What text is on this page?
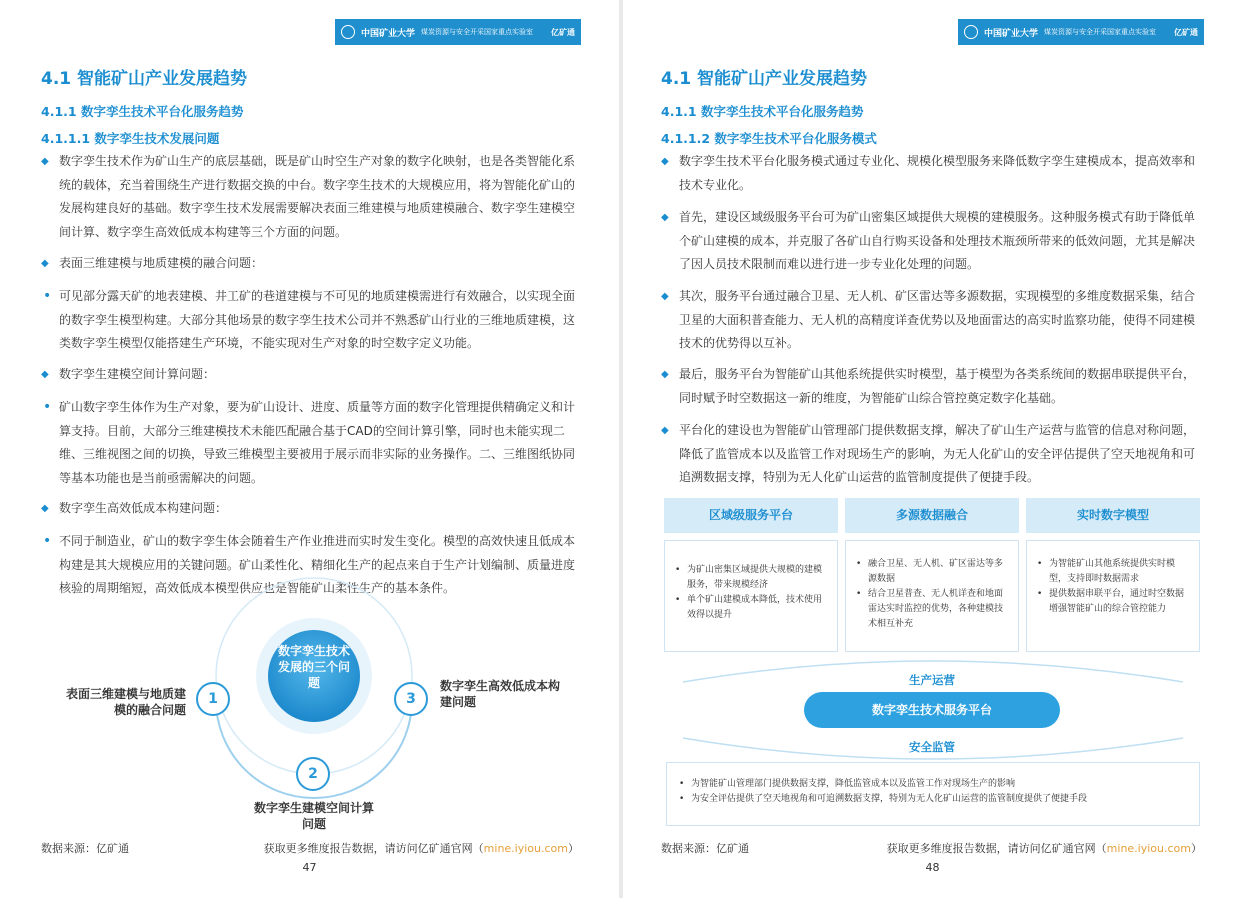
中国矿业大学 煤炭资源与安全开采国家重点实验室 亿矿通
4.1 智能矿山产业发展趋势
4.1.1 数字孪生技术平台化服务趋势
4.1.1.1 数字孪生技术发展问题
◆ 数字孪生技术作为矿山生产的底层基础，既是矿山时空生产对象的数字化映射，也是各类智能化系统的载体，充当着围绕生产进行数据交换的中台。数字孪生技术的大规模应用，将为智能化矿山的发展构建良好的基础。数字孪生技术发展需要解决表面三维建模与地质建模融合、数字孪生建模空间计算、数字孪生高效低成本构建等三个方面的问题。
◆ 表面三维建模与地质建模的融合问题：
• 可见部分露天矿的地表建模、井工矿的巷道建模与不可见的地质建模需进行有效融合，以实现全面的数字孪生模型构建。大部分其他场景的数字孪生技术公司并不熟悉矿山行业的三维地质建模，这类数字孪生模型仅能搭建生产环境，不能实现对生产对象的时空数字定义功能。
◆ 数字孪生建模空间计算问题：
• 矿山数字孪生体作为生产对象，要为矿山设计、进度、质量等方面的数字化管理提供精确定义和计算支持。目前，大部分三维建模技术未能匹配融合基于CAD的空间计算引擎，同时也未能实现二维、三维视图之间的切换，导致三维模型主要被用于展示而非实际的业务操作。二、三维图纸协同等基本功能也是当前亟需解决的问题。
◆ 数字孪生高效低成本构建问题：
• 不同于制造业，矿山的数字孪生体会随着生产作业推进而实时发生变化。模型的高效快速且低成本构建是其大规模应用的关键问题。矿山柔性化、精细化生产的起点来自于生产计划编制、质量进度核验的周期缩短，高效低成本模型供应也是智能矿山柔性生产的基本条件。
数字孪生技术发展的三个问题
1
2
3
表面三维建模与地质建模的融合问题
数字孪生建模空间计算问题
数字孪生高效低成本构建问题
数据来源：亿矿通	获取更多维度报告数据，请访问亿矿通官网（mine.iyiou.com）
47
中国矿业大学 煤炭资源与安全开采国家重点实验室 亿矿通
4.1 智能矿山产业发展趋势
4.1.1 数字孪生技术平台化服务趋势
4.1.1.2 数字孪生技术平台化服务模式
◆ 数字孪生技术平台化服务模式通过专业化、规模化模型服务来降低数字孪生建模成本，提高效率和技术专业化。
◆ 首先，建设区域级服务平台可为矿山密集区域提供大规模的建模服务。这种服务模式有助于降低单个矿山建模的成本，并克服了各矿山自行购买设备和处理技术瓶颈所带来的低效问题，尤其是解决了因人员技术限制而难以进行进一步专业化处理的问题。
◆ 其次，服务平台通过融合卫星、无人机、矿区雷达等多源数据，实现模型的多维度数据采集，结合卫星的大面积普查能力、无人机的高精度详查优势以及地面雷达的高实时监察功能，使得不同建模技术的优势得以互补。
◆ 最后，服务平台为智能矿山其他系统提供实时模型，基于模型为各类系统间的数据串联提供平台，同时赋予时空数据这一新的维度，为智能矿山综合管控奠定数字化基础。
◆ 平台化的建设也为智能矿山管理部门提供数据支撑，解决了矿山生产运营与监管的信息对称问题，降低了监管成本以及监管工作对现场生产的影响，为无人化矿山的安全评估提供了空天地视角和可追溯数据支撑，特别为无人化矿山运营的监管制度提供了便捷手段。
区域级服务平台	多源数据融合	实时数字模型
• 为矿山密集区域提供大规模的建模服务，带来规模经济
• 单个矿山建模成本降低，技术使用效得以提升
• 融合卫星、无人机、矿区雷达等多源数据
• 结合卫星普查、无人机详查和地面雷达实时监控的优势，各种建模技术相互补充
• 为智能矿山其他系统提供实时模型，支持即时数据需求
• 提供数据串联平台，通过时空数据增强智能矿山的综合管控能力
生产运营
数字孪生技术服务平台
安全监管
• 为智能矿山管理部门提供数据支撑，降低监管成本以及监管工作对现场生产的影响
• 为安全评估提供了空天地视角和可追溯数据支撑，特别为无人化矿山运营的监管制度提供了便捷手段
数据来源：亿矿通	获取更多维度报告数据，请访问亿矿通官网（mine.iyiou.com）
48
